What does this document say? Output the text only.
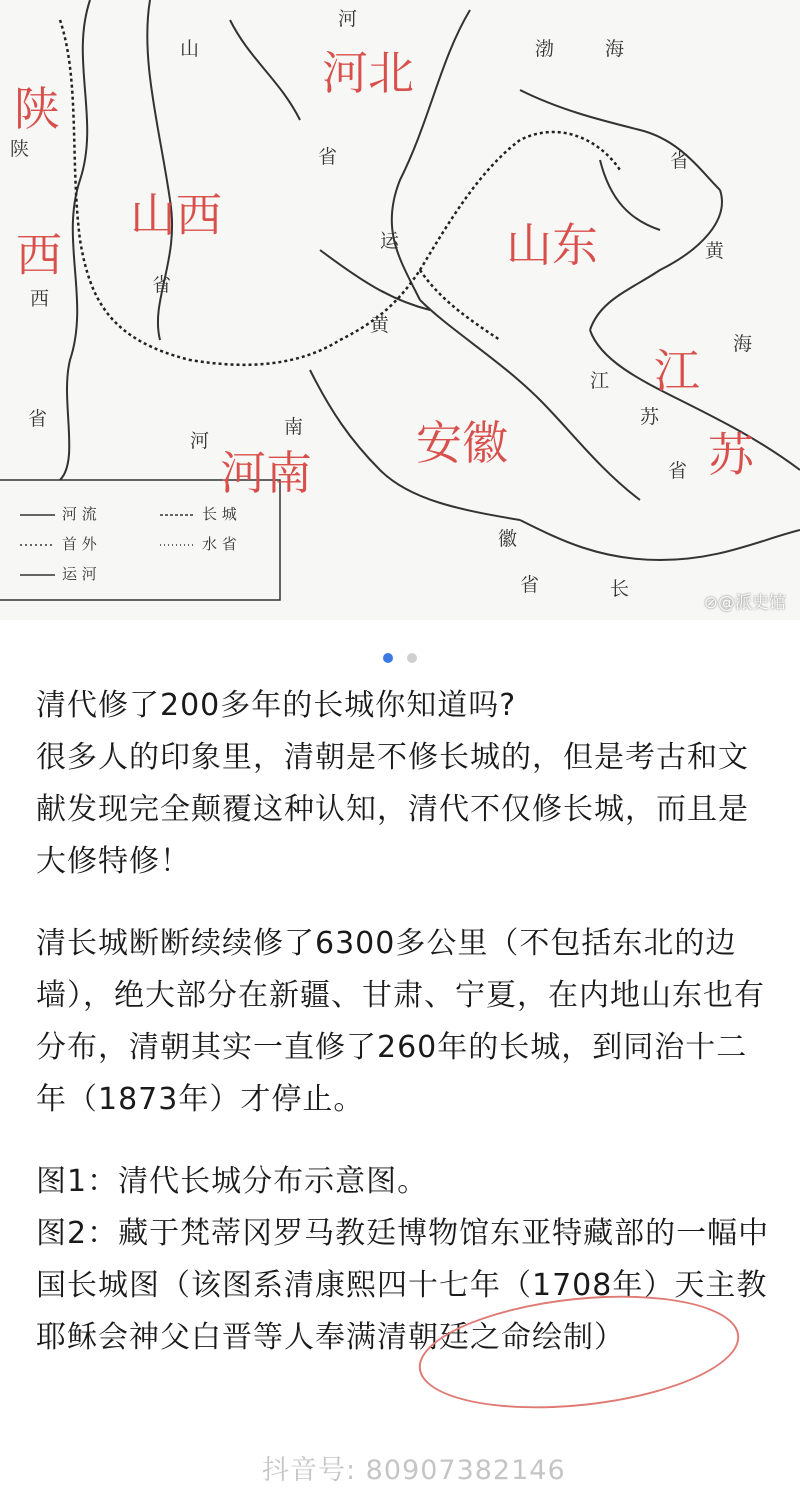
陕
西
河北
山西
山东
江
苏
安徽
河南
渤	海
黄
海
山
河
省
省
陕
西
省
河
南
省
江
苏
省
徽
省
运
黄
长
河 流
首 外
运 河
长 城
水 省
⊘@派史馆

清代修了200多年的长城你知道吗?

很多人的印象里，清朝是不修长城的，但是考古和文献发现完全颠覆这种认知，清代不仅修长城，而且是大修特修！

清长城断断续续修了6300多公里（不包括东北的边墙），绝大部分在新疆、甘肃、宁夏，在内地山东也有分布，清朝其实一直修了260年的长城，到同治十二年（1873年）才停止。

图1：清代长城分布示意图。

图2：藏于梵蒂冈罗马教廷博物馆东亚特藏部的一幅中国长城图（该图系清康熙四十七年（1708年）天主教耶稣会神父白晋等人奉满清朝廷之命绘制）

抖音号: 80907382146
